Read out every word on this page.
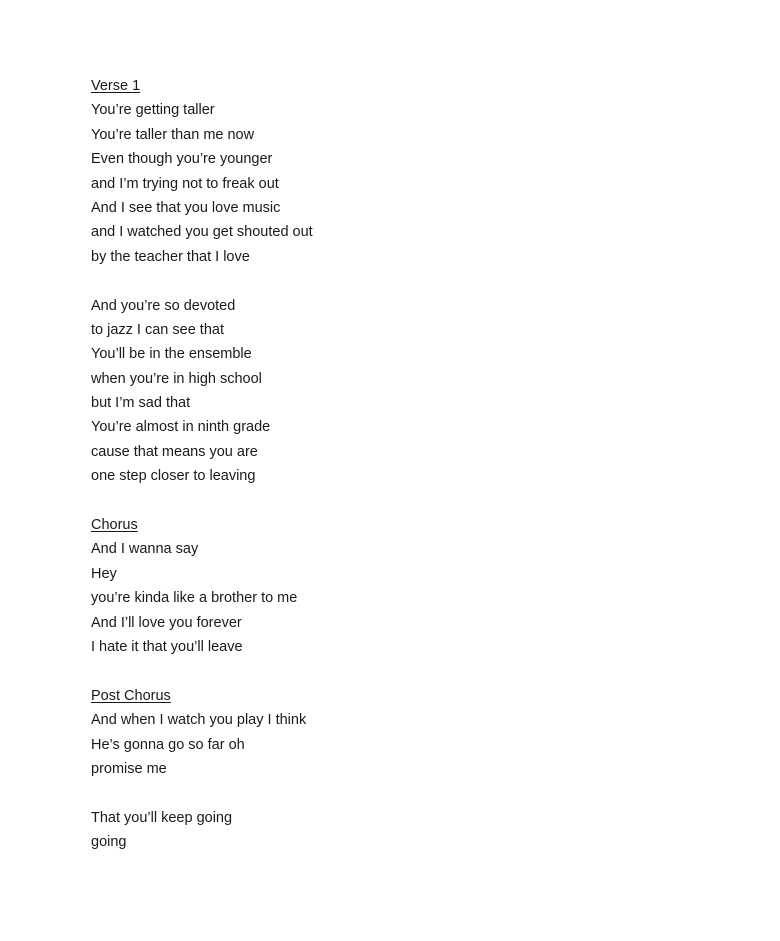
Verse 1
You’re getting taller
You’re taller than me now
Even though you’re younger
and I’m trying not to freak out
And I see that you love music
and I watched you get shouted out
by the teacher that I love
And you’re so devoted
to jazz I can see that
You’ll be in the ensemble
when you’re in high school
but I’m sad that
You’re almost in ninth grade
cause that means you are
one step closer to leaving
Chorus
And I wanna say
Hey
you’re kinda like a brother to me
And I’ll love you forever
I hate it that you’ll leave
Post Chorus
And when I watch you play I think
He’s gonna go so far oh
promise me
That you’ll keep going
going
